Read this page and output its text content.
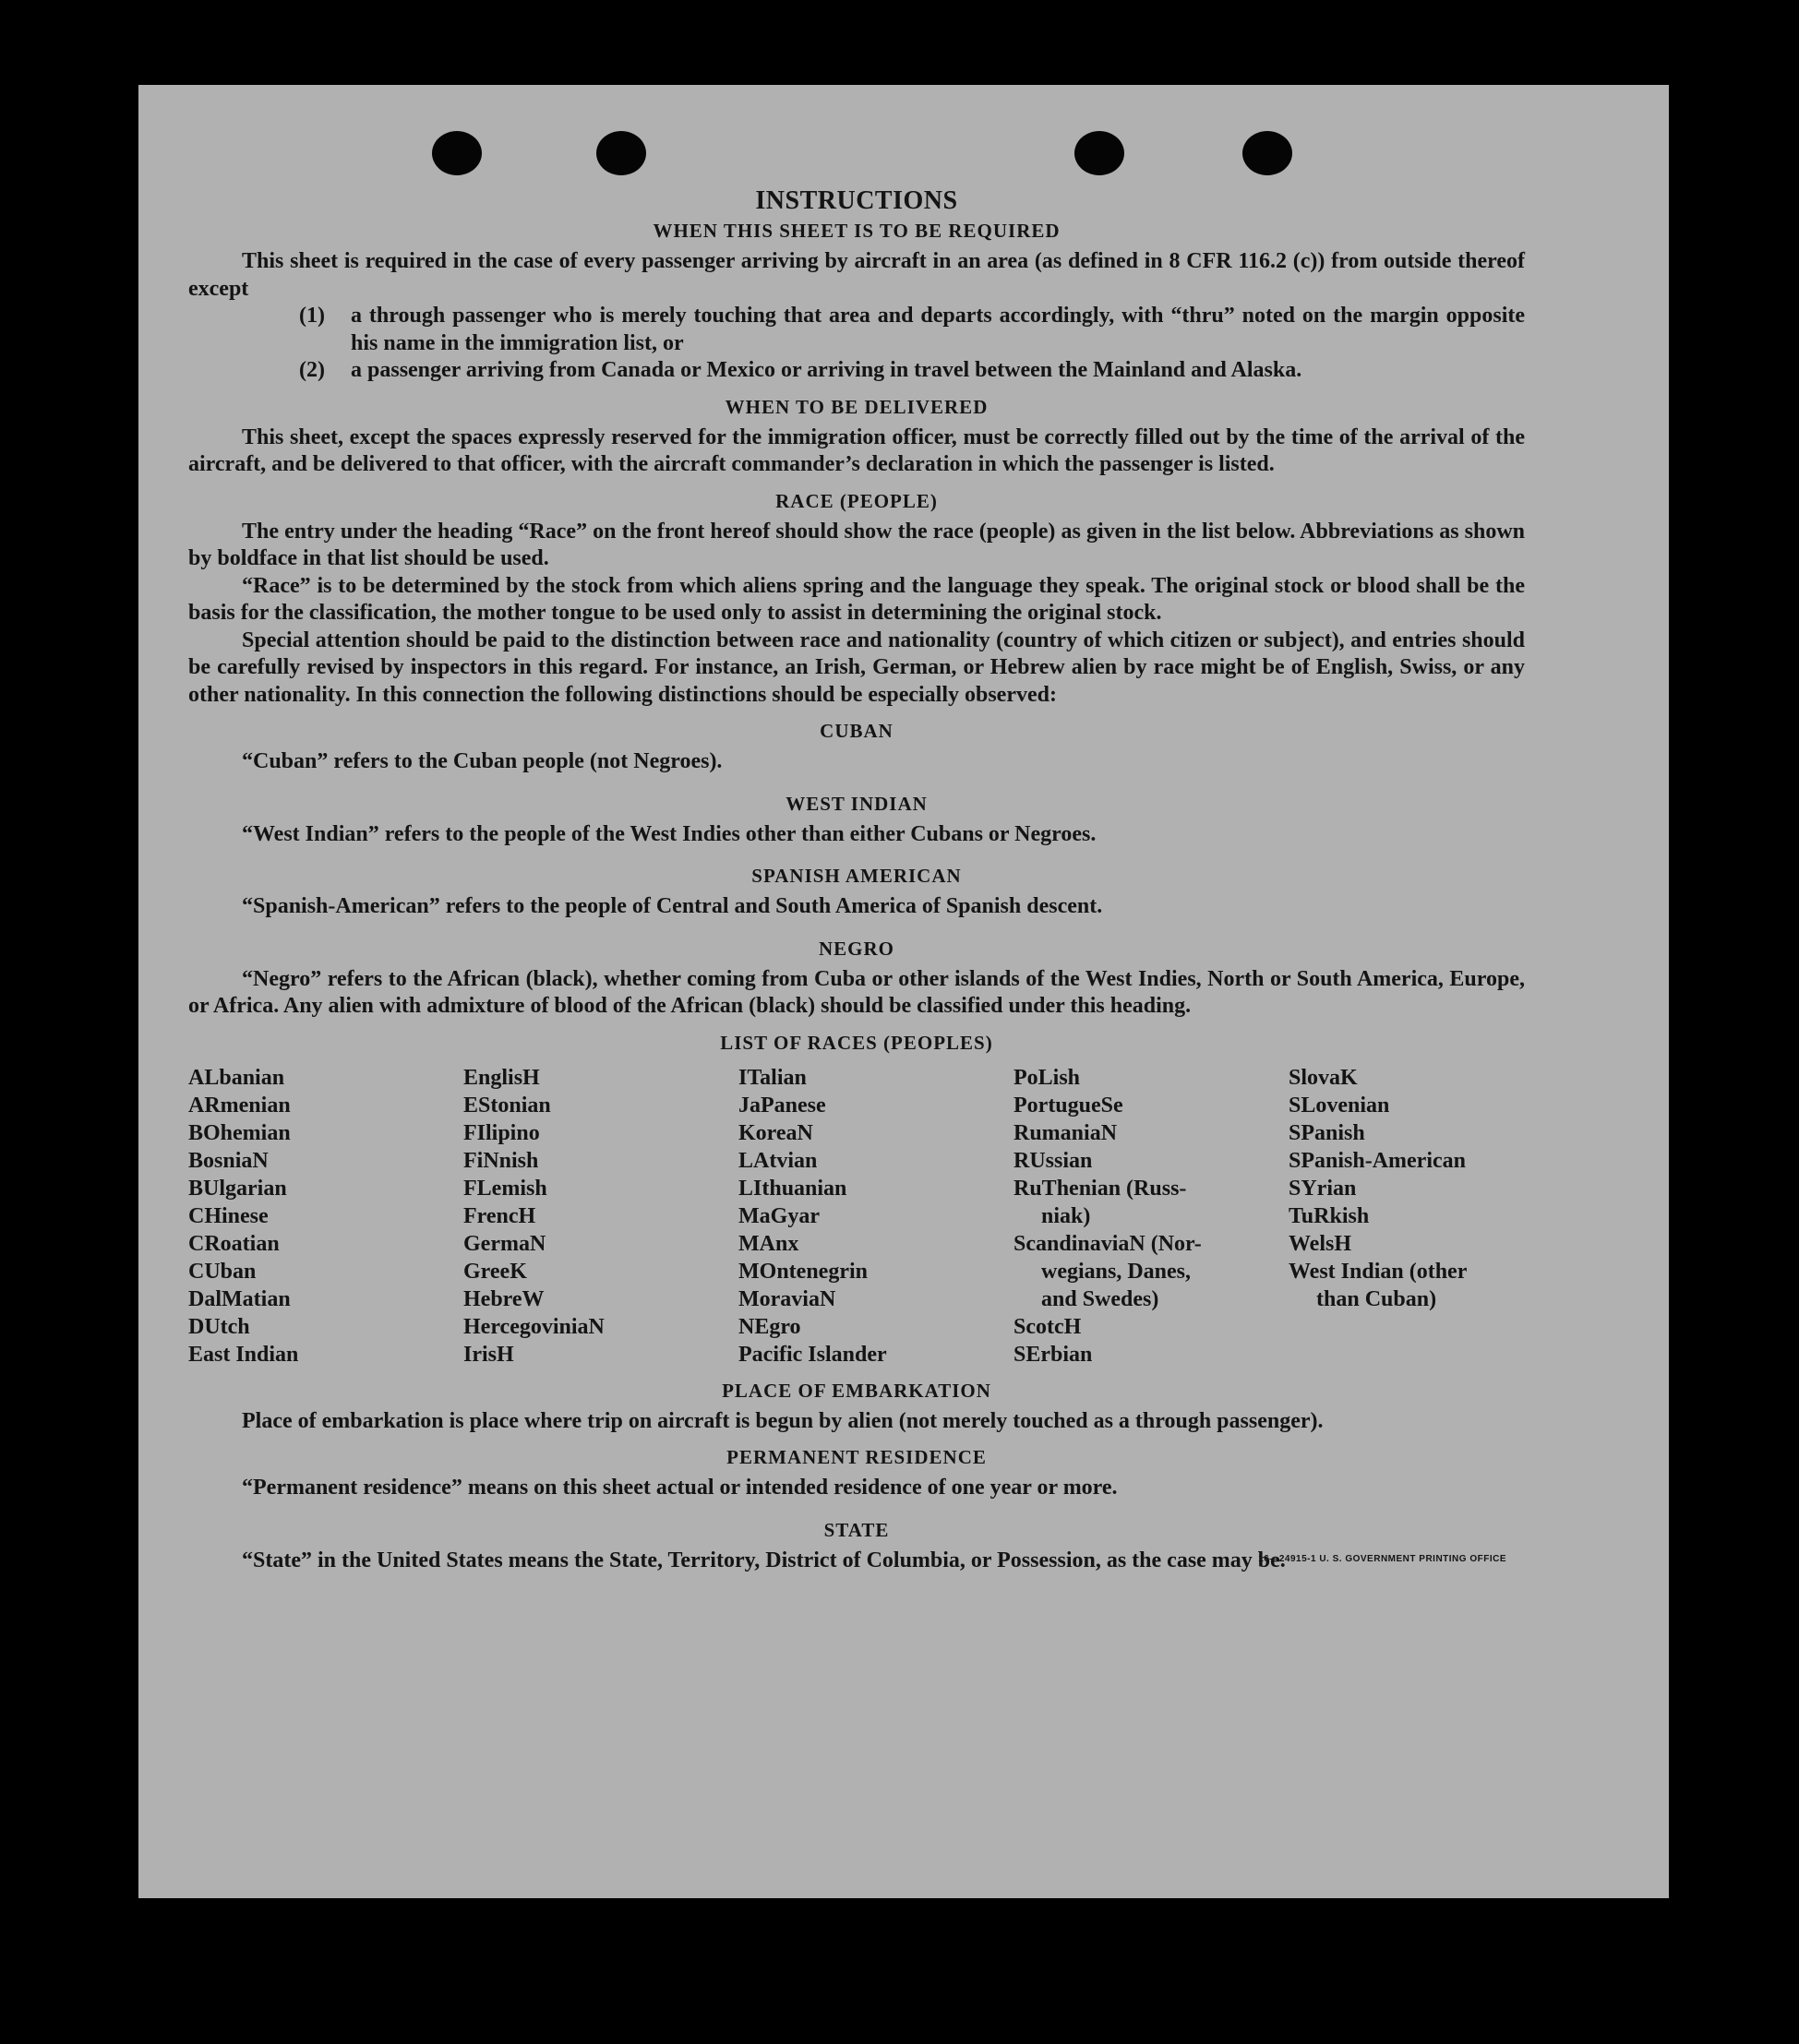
INSTRUCTIONS
WHEN THIS SHEET IS TO BE REQUIRED

This sheet is required in the case of every passenger arriving by aircraft in an area (as defined in 8 CFR 116.2 (c)) from outside thereof except

(1)	a through passenger who is merely touching that area and departs accordingly, with “thru” noted on the margin opposite his name in the immigration list, or
(2)	a passenger arriving from Canada or Mexico or arriving in travel between the Mainland and Alaska.
WHEN TO BE DELIVERED

This sheet, except the spaces expressly reserved for the immigration officer, must be correctly filled out by the time of the arrival of the aircraft, and be delivered to that officer, with the aircraft commander’s declaration in which the passenger is listed.

RACE (PEOPLE)

The entry under the heading “Race” on the front hereof should show the race (people) as given in the list below. Abbreviations as shown by boldface in that list should be used.

“Race” is to be determined by the stock from which aliens spring and the language they speak. The original stock or blood shall be the basis for the classification, the mother tongue to be used only to assist in determining the original stock.

Special attention should be paid to the distinction between race and nationality (country of which citizen or subject), and entries should be carefully revised by inspectors in this regard. For instance, an Irish, German, or Hebrew alien by race might be of English, Swiss, or any other nationality. In this connection the following distinctions should be especially observed:

CUBAN

“Cuban” refers to the Cuban people (not Negroes).

WEST INDIAN

“West Indian” refers to the people of the West Indies other than either Cubans or Negroes.

SPANISH AMERICAN

“Spanish-American” refers to the people of Central and South America of Spanish descent.

NEGRO

“Negro” refers to the African (black), whether coming from Cuba or other islands of the West Indies, North or South America, Europe, or Africa. Any alien with admixture of blood of the African (black) should be classified under this heading.

LIST OF RACES (PEOPLES)
ALbanian
ARmenian
BOhemian
BosniaN
BUlgarian
CHinese
CRoatian
CUban
DalMatian
DUtch
East Indian
EnglisH
EStonian
FIlipino
FiNnish
FLemish
FrencH
GermaN
GreeK
HebreW
HercegoviniaN
IrisH
ITalian
JaPanese
KoreaN
LAtvian
LIthuanian
MaGyar
MAnx
MOntenegrin
MoraviaN
NEgro
Pacific Islander
PoLish
PortugueSe
RumaniaN
RUssian
RuThenian (Russ-
niak)
ScandinaviaN (Nor-
wegians, Danes,
and Swedes)
ScotcH
SErbian
SlovaK
SLovenian
SPanish
SPanish-American
SYrian
TuRkish
WelsH
West Indian (other
than Cuban)
PLACE OF EMBARKATION

Place of embarkation is place where trip on aircraft is begun by alien (not merely touched as a through passenger).

PERMANENT RESIDENCE

“Permanent residence” means on this sheet actual or intended residence of one year or more.

STATE

“State” in the United States means the State, Territory, District of Columbia, or Possession, as the case may be.

16—24915-1 U. S. GOVERNMENT PRINTING OFFICE
